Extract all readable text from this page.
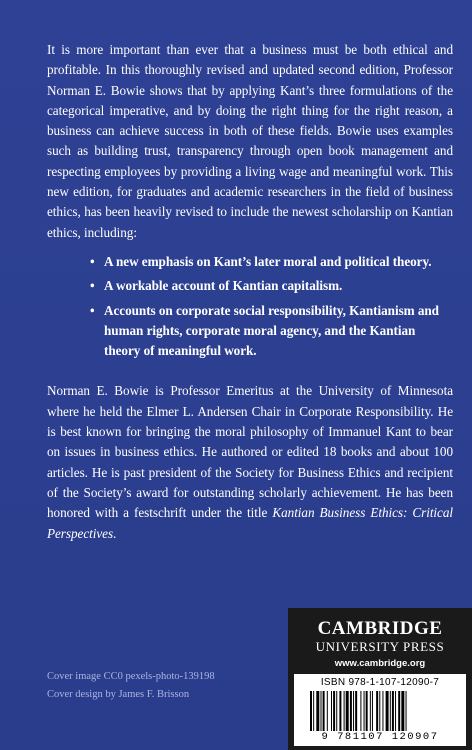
It is more important than ever that a business must be both ethical and profitable. In this thoroughly revised and updated second edition, Professor Norman E. Bowie shows that by applying Kant’s three formulations of the categorical imperative, and by doing the right thing for the right reason, a business can achieve success in both of these fields. Bowie uses examples such as building trust, transparency through open book management and respecting employees by providing a living wage and meaningful work. This new edition, for graduates and academic researchers in the field of business ethics, has been heavily revised to include the newest scholarship on Kantian ethics, including:

• A new emphasis on Kant’s later moral and political theory.
• A workable account of Kantian capitalism.
• Accounts on corporate social responsibility, Kantianism and human rights, corporate moral agency, and the Kantian theory of meaningful work.

Norman E. Bowie is Professor Emeritus at the University of Minnesota where he held the Elmer L. Andersen Chair in Corporate Responsibility. He is best known for bringing the moral philosophy of Immanuel Kant to bear on issues in business ethics. He authored or edited 18 books and about 100 articles. He is past president of the Society for Business Ethics and recipient of the Society’s award for outstanding scholarly achievement. He has been honored with a festschrift under the title Kantian Business Ethics: Critical Perspectives.

Cover image CC0 pexels-photo-139198
Cover design by James F. Brisson
CAMBRIDGE
UNIVERSITY PRESS
www.cambridge.org
ISBN 978-1-107-12090-7
9 781107 120907
